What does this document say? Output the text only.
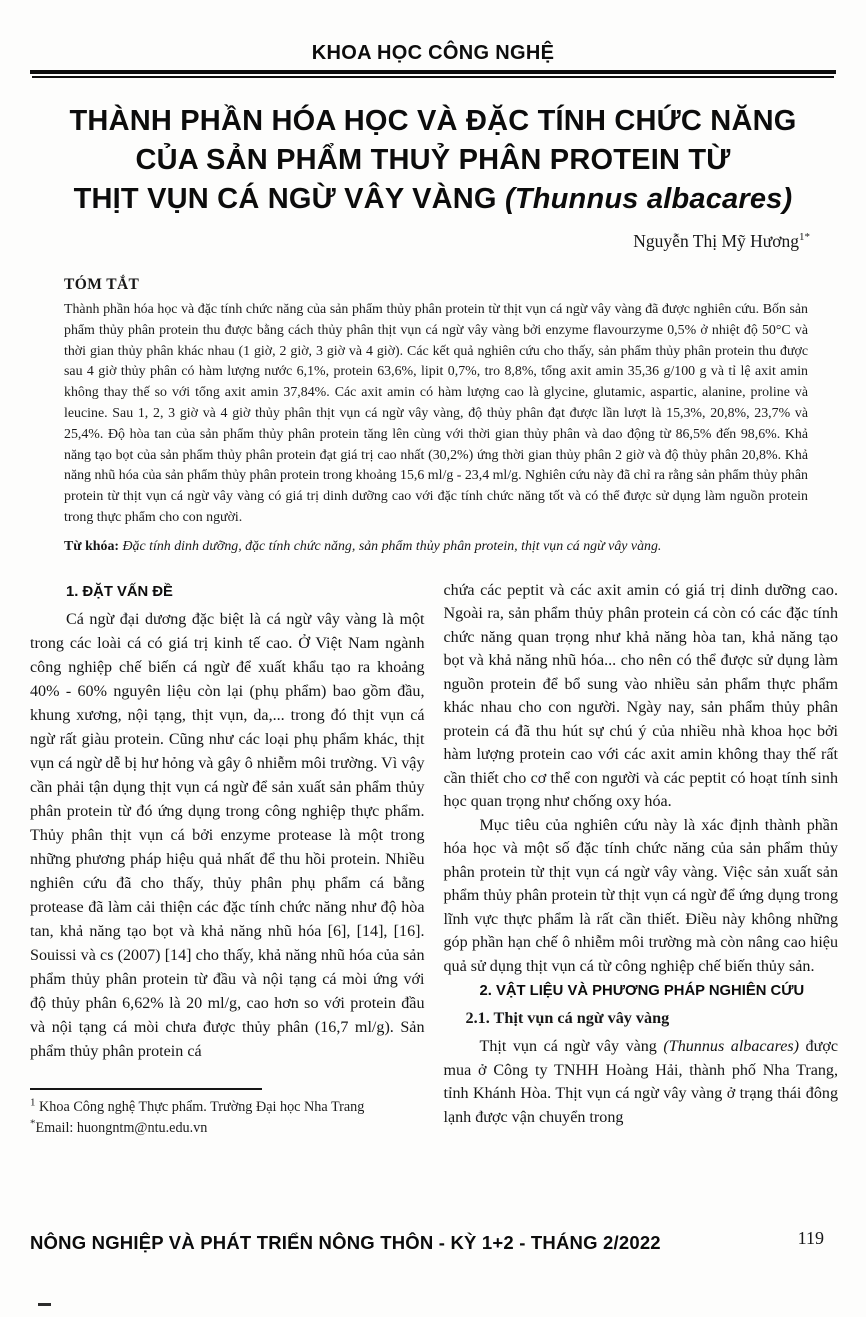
KHOA HỌC CÔNG NGHỆ
THÀNH PHẦN HÓA HỌC VÀ ĐẶC TÍNH CHỨC NĂNG
CỦA SẢN PHẨM THUỶ PHÂN PROTEIN TỪ
THỊT VỤN CÁ NGỪ VÂY VÀNG (Thunnus albacares)
Nguyễn Thị Mỹ Hương$^{1*}$
TÓM TẮT
Thành phần hóa học và đặc tính chức năng của sản phẩm thủy phân protein từ thịt vụn cá ngừ vây vàng đã được nghiên cứu. Bốn sản phẩm thủy phân protein thu được bằng cách thủy phân thịt vụn cá ngừ vây vàng bởi enzyme flavourzyme 0,5% ở nhiệt độ 50°C và thời gian thủy phân khác nhau (1 giờ, 2 giờ, 3 giờ và 4 giờ). Các kết quả nghiên cứu cho thấy, sản phẩm thủy phân protein thu được sau 4 giờ thủy phân có hàm lượng nước 6,1%, protein 63,6%, lipit 0,7%, tro 8,8%, tổng axit amin 35,36 g/100 g và tỉ lệ axit amin không thay thế so với tổng axit amin 37,84%. Các axit amin có hàm lượng cao là glycine, glutamic, aspartic, alanine, proline và leucine. Sau 1, 2, 3 giờ và 4 giờ thủy phân thịt vụn cá ngừ vây vàng, độ thủy phân đạt được lần lượt là 15,3%, 20,8%, 23,7% và 25,4%. Độ hòa tan của sản phẩm thủy phân protein tăng lên cùng với thời gian thủy phân và dao động từ 86,5% đến 98,6%. Khả năng tạo bọt của sản phẩm thủy phân protein đạt giá trị cao nhất (30,2%) ứng thời gian thủy phân 2 giờ và độ thủy phân 20,8%. Khả năng nhũ hóa của sản phẩm thủy phân protein trong khoảng 15,6 ml/g - 23,4 ml/g. Nghiên cứu này đã chỉ ra rằng sản phẩm thủy phân protein từ thịt vụn cá ngừ vây vàng có giá trị dinh dưỡng cao với đặc tính chức năng tốt và có thể được sử dụng làm nguồn protein trong thực phẩm cho con người.
Từ khóa: Đặc tính dinh dưỡng, đặc tính chức năng, sản phẩm thủy phân protein, thịt vụn cá ngừ vây vàng.
1. ĐẶT VẤN ĐỀ

Cá ngừ đại dương đặc biệt là cá ngừ vây vàng là một trong các loài cá có giá trị kinh tế cao. Ở Việt Nam ngành công nghiệp chế biến cá ngừ để xuất khẩu tạo ra khoảng 40% - 60% nguyên liệu còn lại (phụ phẩm) bao gồm đầu, khung xương, nội tạng, thịt vụn, da,... trong đó thịt vụn cá ngừ rất giàu protein. Cũng như các loại phụ phẩm khác, thịt vụn cá ngừ dễ bị hư hỏng và gây ô nhiễm môi trường. Vì vậy cần phải tận dụng thịt vụn cá ngừ để sản xuất sản phẩm thủy phân protein từ đó ứng dụng trong công nghiệp thực phẩm. Thủy phân thịt vụn cá bởi enzyme protease là một trong những phương pháp hiệu quả nhất để thu hồi protein. Nhiều nghiên cứu đã cho thấy, thủy phân phụ phẩm cá bằng protease đã làm cải thiện các đặc tính chức năng như độ hòa tan, khả năng tạo bọt và khả năng nhũ hóa [6], [14], [16]. Souissi và cs (2007) [14] cho thấy, khả năng nhũ hóa của sản phẩm thủy phân protein từ đầu và nội tạng cá mòi ứng với độ thủy phân 6,62% là 20 ml/g, cao hơn so với protein đầu và nội tạng cá mòi chưa được thủy phân (16,7 ml/g). Sản phẩm thủy phân protein cá

$^1$ Khoa Công nghệ Thực phẩm. Trường Đại học Nha Trang
*Email: huongntm@ntu.edu.vn

chứa các peptit và các axit amin có giá trị dinh dưỡng cao. Ngoài ra, sản phẩm thủy phân protein cá còn có các đặc tính chức năng quan trọng như khả năng hòa tan, khả năng tạo bọt và khả năng nhũ hóa... cho nên có thể được sử dụng làm nguồn protein để bổ sung vào nhiều sản phẩm thực phẩm khác nhau cho con người. Ngày nay, sản phẩm thủy phân protein cá đã thu hút sự chú ý của nhiều nhà khoa học bởi hàm lượng protein cao với các axit amin không thay thế rất cần thiết cho cơ thể con người và các peptit có hoạt tính sinh học quan trọng như chống oxy hóa.

Mục tiêu của nghiên cứu này là xác định thành phần hóa học và một số đặc tính chức năng của sản phẩm thủy phân protein từ thịt vụn cá ngừ vây vàng. Việc sản xuất sản phẩm thủy phân protein từ thịt vụn cá ngừ để ứng dụng trong lĩnh vực thực phẩm là rất cần thiết. Điều này không những góp phần hạn chế ô nhiễm môi trường mà còn nâng cao hiệu quả sử dụng thịt vụn cá từ công nghiệp chế biến thủy sản.

2. VẬT LIỆU VÀ PHƯƠNG PHÁP NGHIÊN CỨU
2.1. Thịt vụn cá ngừ vây vàng

Thịt vụn cá ngừ vây vàng (Thunnus albacares) được mua ở Công ty TNHH Hoàng Hải, thành phố Nha Trang, tỉnh Khánh Hòa. Thịt vụn cá ngừ vây vàng ở trạng thái đông lạnh được vận chuyển trong

NÔNG NGHIỆP VÀ PHÁT TRIỂN NÔNG THÔN - KỲ 1+2 - THÁNG 2/2022	119
